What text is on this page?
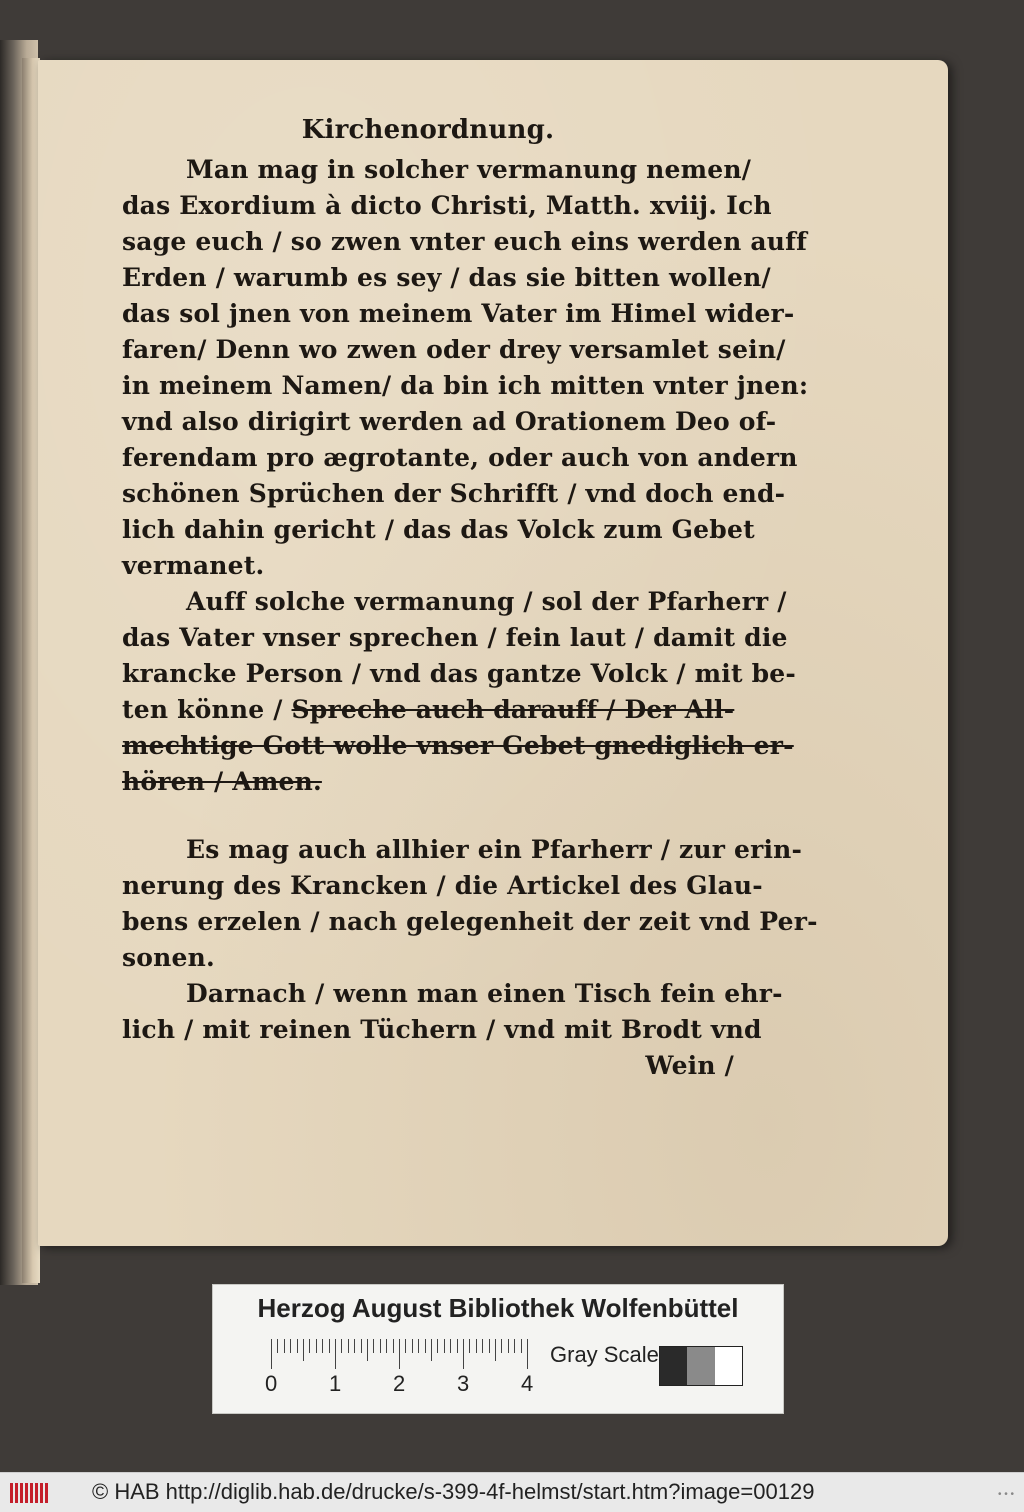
Kirchenordnung.
Man mag in solcher vermanung nemen/
das Exordium à dicto Christi, Matth. xviij. Ich
sage euch / so zwen vnter euch eins werden auff
Erden / warumb es sey / das sie bitten wollen/
das sol jnen von meinem Vater im Himel wider-
faren/ Denn wo zwen oder drey versamlet sein/
in meinem Namen/ da bin ich mitten vnter jnen:
vnd also dirigirt werden ad Orationem Deo of-
ferendam pro ægrotante, oder auch von andern
schönen Sprüchen der Schrifft / vnd doch end-
lich dahin gericht / das das Volck zum Gebet
vermanet.
Auff solche vermanung / sol der Pfarherr /
das Vater vnser sprechen / fein laut / damit die
krancke Person / vnd das gantze Volck / mit be-
ten könne / Spreche auch darauff / Der All-
mechtige Gott wolle vnser Gebet gnediglich er-
hören / Amen.
Es mag auch allhier ein Pfarherr / zur erin-
nerung des Krancken / die Artickel des Glau-
bens erzelen / nach gelegenheit der zeit vnd Per-
sonen.
Darnach / wenn man einen Tisch fein ehr-
lich / mit reinen Tüchern / vnd mit Brodt vnd
Wein /
Herzog August Bibliothek Wolfenbüttel
0 1 2 3 4
Gray Scale
© HAB http://diglib.hab.de/drucke/s-399-4f-helmst/start.htm?image=00129	• • •
